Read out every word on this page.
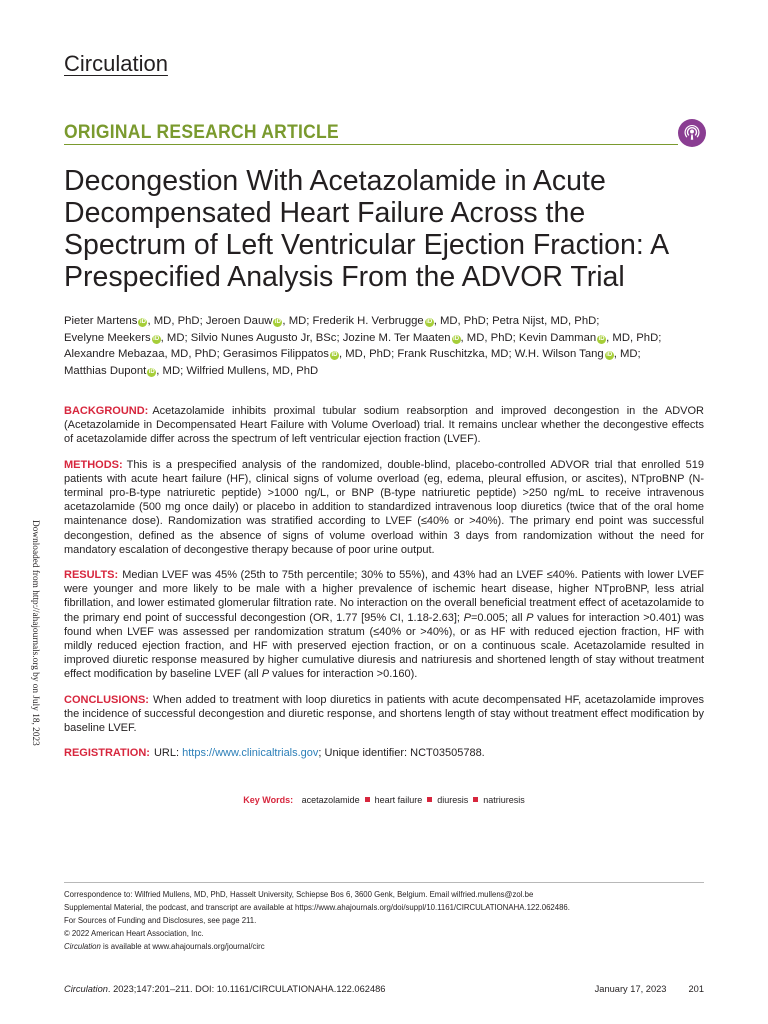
Circulation
ORIGINAL RESEARCH ARTICLE
Decongestion With Acetazolamide in Acute
Decompensated Heart Failure Across the
Spectrum of Left Ventricular Ejection Fraction: A
Prespecified Analysis From the ADVOR Trial
Pieter Martens iD , MD, PhD; Jeroen Dauw iD , MD; Frederik H. Verbrugge iD , MD, PhD; Petra Nijst, MD, PhD;
Evelyne Meekers iD , MD; Silvio Nunes Augusto Jr, BSc; Jozine M. Ter Maaten iD , MD, PhD; Kevin Damman iD , MD, PhD;
Alexandre Mebazaa, MD, PhD; Gerasimos Filippatos iD , MD, PhD; Frank Ruschitzka, MD; W.H. Wilson Tang iD , MD;
Matthias Dupont iD , MD; Wilfried Mullens, MD, PhD

BACKGROUND: Acetazolamide inhibits proximal tubular sodium reabsorption and improved decongestion in the ADVOR (Acetazolamide in Decompensated Heart Failure with Volume Overload) trial. It remains unclear whether the decongestive effects of acetazolamide differ across the spectrum of left ventricular ejection fraction (LVEF).

METHODS: This is a prespecified analysis of the randomized, double-blind, placebo-controlled ADVOR trial that enrolled 519 patients with acute heart failure (HF), clinical signs of volume overload (eg, edema, pleural effusion, or ascites), NTproBNP (N-terminal pro-B-type natriuretic peptide) >1000 ng/L, or BNP (B-type natriuretic peptide) >250 ng/mL to receive intravenous acetazolamide (500 mg once daily) or placebo in addition to standardized intravenous loop diuretics (twice that of the oral home maintenance dose). Randomization was stratified according to LVEF (≤40% or >40%). The primary end point was successful decongestion, defined as the absence of signs of volume overload within 3 days from randomization without the need for mandatory escalation of decongestive therapy because of poor urine output.

RESULTS: Median LVEF was 45% (25th to 75th percentile; 30% to 55%), and 43% had an LVEF ≤40%. Patients with lower LVEF were younger and more likely to be male with a higher prevalence of ischemic heart disease, higher NTproBNP, less atrial fibrillation, and lower estimated glomerular filtration rate. No interaction on the overall beneficial treatment effect of acetazolamide to the primary end point of successful decongestion (OR, 1.77 [95% CI, 1.18-2.63]; P=0.005; all P values for interaction >0.401) was found when LVEF was assessed per randomization stratum (≤40% or >40%), or as HF with reduced ejection fraction, HF with mildly reduced ejection fraction, and HF with preserved ejection fraction, or on a continuous scale. Acetazolamide resulted in improved diuretic response measured by higher cumulative diuresis and natriuresis and shortened length of stay without treatment effect modification by baseline LVEF (all P values for interaction >0.160).

CONCLUSIONS: When added to treatment with loop diuretics in patients with acute decompensated HF, acetazolamide improves the incidence of successful decongestion and diuretic response, and shortens length of stay without treatment effect modification by baseline LVEF.

REGISTRATION: URL: https://www.clinicaltrials.gov; Unique identifier: NCT03505788.

Key Words: acetazolamide heart failure diuresis natriuresis
Correspondence to: Wilfried Mullens, MD, PhD, Hasselt University, Schiepse Bos 6, 3600 Genk, Belgium. Email wilfried.mullens@zol.be
Supplemental Material, the podcast, and transcript are available at https://www.ahajournals.org/doi/suppl/10.1161/CIRCULATIONAHA.122.062486.
For Sources of Funding and Disclosures, see page 211.
© 2022 American Heart Association, Inc.
Circulation is available at www.ahajournals.org/journal/circ
Circulation. 2023;147:201–211. DOI: 10.1161/CIRCULATIONAHA.122.062486	January 17, 2023 201
Downloaded from http://ahajournals.org by on July 18, 2023
